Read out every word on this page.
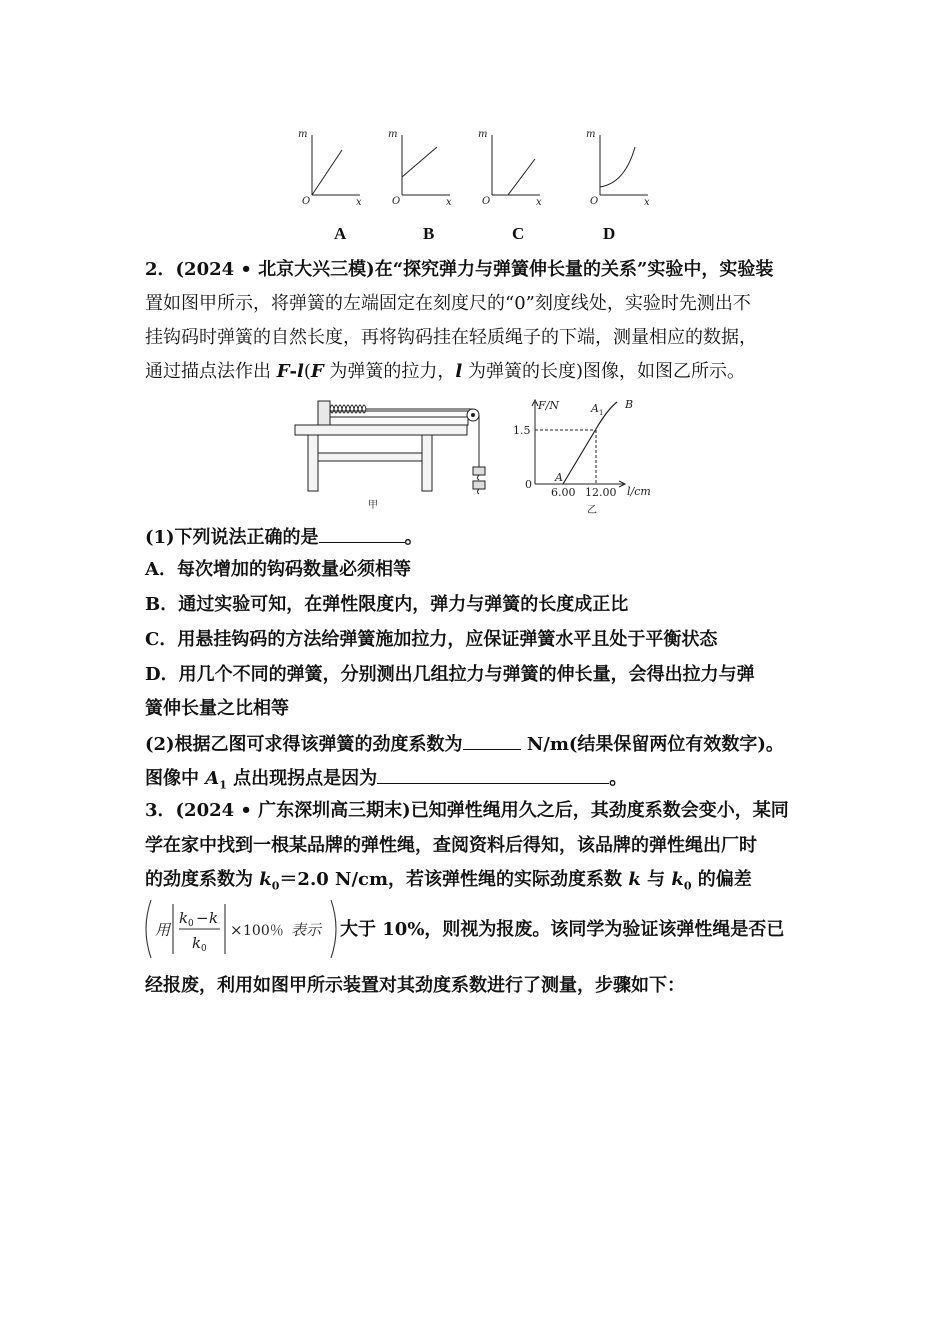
m	m	m	m
x	x	x	x
O	O	O	O
A	B	C	D
2．(2024 • 北京大兴三模)在“探究弹力与弹簧伸长量的关系”实验中，实验装
置如图甲所示，将弹簧的左端固定在刻度尺的“0”刻度线处，实验时先测出不
挂钩码时弹簧的自然长度，再将钩码挂在轻质绳子的下端，测量相应的数据，
通过描点法作出 F-l(F 为弹簧的拉力，l 为弹簧的长度)图像，如图乙所示。
甲
F/N
l/cm
1.5
0
6.00 12.00
A
A 1
B
乙
(1)下列说法正确的是	。
A．每次增加的钩码数量必须相等
B．通过实验可知，在弹性限度内，弹力与弹簧的长度成正比
C．用悬挂钩码的方法给弹簧施加拉力，应保证弹簧水平且处于平衡状态
D．用几个不同的弹簧，分别测出几组拉力与弹簧的伸长量，会得出拉力与弹
簧伸长量之比相等
(2)根据乙图可求得该弹簧的劲度系数为	N/m(结果保留两位有效数字)。
图像中 $A_1$ 点出现拐点是因为	。
3．(2024 • 广东深圳高三期末)已知弹性绳用久之后，其劲度系数会变小，某同
学在家中找到一根某品牌的弹性绳，查阅资料后得知，该品牌的弹性绳出厂时
的劲度系数为 $k_0=2.0$ N/cm，若该弹性绳的实际劲度系数 k 与 $k_0$ 的偏差
用
k 0 − k
k 0
× 100％ 表示 大于 10%，则视为报废。该同学为验证该弹性绳是否已
经报废，利用如图甲所示装置对其劲度系数进行了测量，步骤如下：
